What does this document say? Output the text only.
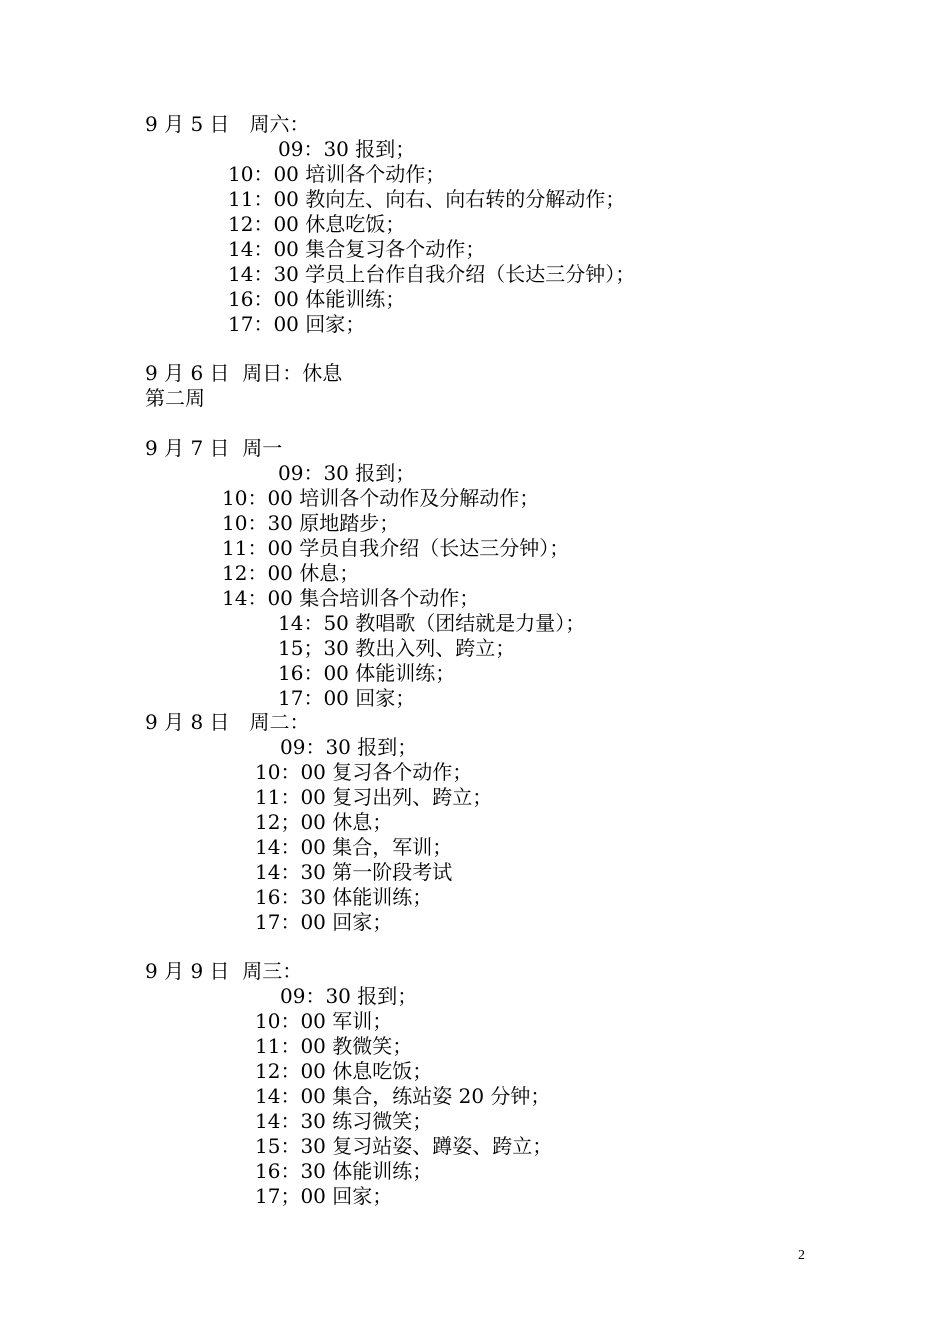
9 月 5 日　周六：
09：30 报到；
10：00 培训各个动作；
11：00 教向左、向右、向右转的分解动作；
12：00 休息吃饭；
14：00 集合复习各个动作；
14：30 学员上台作自我介绍（长达三分钟）；
16：00 体能训练；
17：00 回家；
9 月 6 日  周日：休息
第二周
9 月 7 日  周一
09：30 报到；
10：00 培训各个动作及分解动作；
10：30 原地踏步；
11：00 学员自我介绍（长达三分钟）；
12：00 休息；
14：00 集合培训各个动作；
14：50 教唱歌（团结就是力量）；
15；30 教出入列、跨立；
16：00 体能训练；
17：00 回家；
9 月 8 日　周二：
09：30 报到；
10：00 复习各个动作；
11：00 复习出列、跨立；
12；00 休息；
14：00 集合，军训；
14：30 第一阶段考试
16：30 体能训练；
17：00 回家；
9 月 9 日  周三：
09：30 报到；
10：00 军训；
11：00 教微笑；
12：00 休息吃饭；
14：00 集合，练站姿 20 分钟；
14：30 练习微笑；
15：30 复习站姿、蹲姿、跨立；
16：30 体能训练；
17；00 回家；
2
